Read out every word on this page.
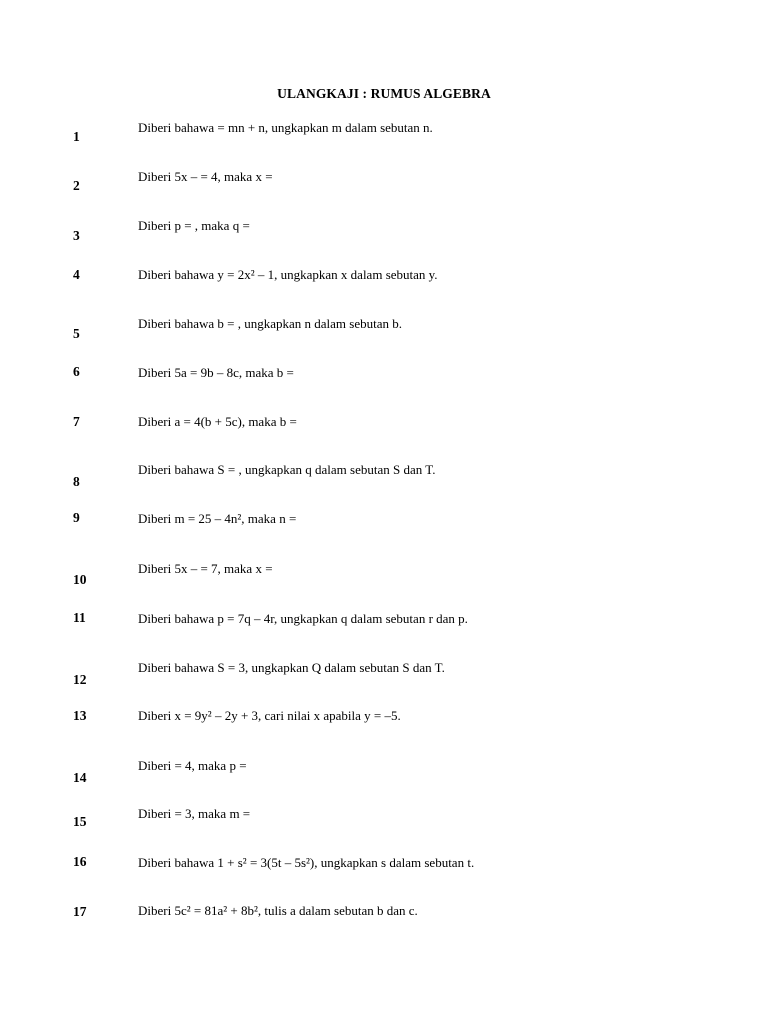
ULANGKAJI : RUMUS ALGEBRA
1
2
3
4
5
6
7
8
9
10
11
12
13
14
15
16
17
Diberi bahawa = mn + n, ungkapkan m dalam sebutan n.
Diberi 5x – = 4, maka x =
Diberi p = , maka q =
Diberi bahawa y = 2x² – 1, ungkapkan x dalam sebutan y.
Diberi bahawa b = , ungkapkan n dalam sebutan b.
Diberi 5a = 9b – 8c, maka b =
Diberi a = 4(b + 5c), maka b =
Diberi bahawa S = , ungkapkan q dalam sebutan S dan T.
Diberi m = 25 – 4n², maka n =
Diberi 5x – = 7, maka x =
Diberi bahawa p = 7q – 4r, ungkapkan q dalam sebutan r dan p.
Diberi bahawa S = 3, ungkapkan Q dalam sebutan S dan T.
Diberi x = 9y² – 2y + 3, cari nilai x apabila y = –5.
Diberi = 4, maka p =
Diberi = 3, maka m =
Diberi bahawa 1 + s² = 3(5t – 5s²), ungkapkan s dalam sebutan t.
Diberi 5c² = 81a² + 8b², tulis a dalam sebutan b dan c.
